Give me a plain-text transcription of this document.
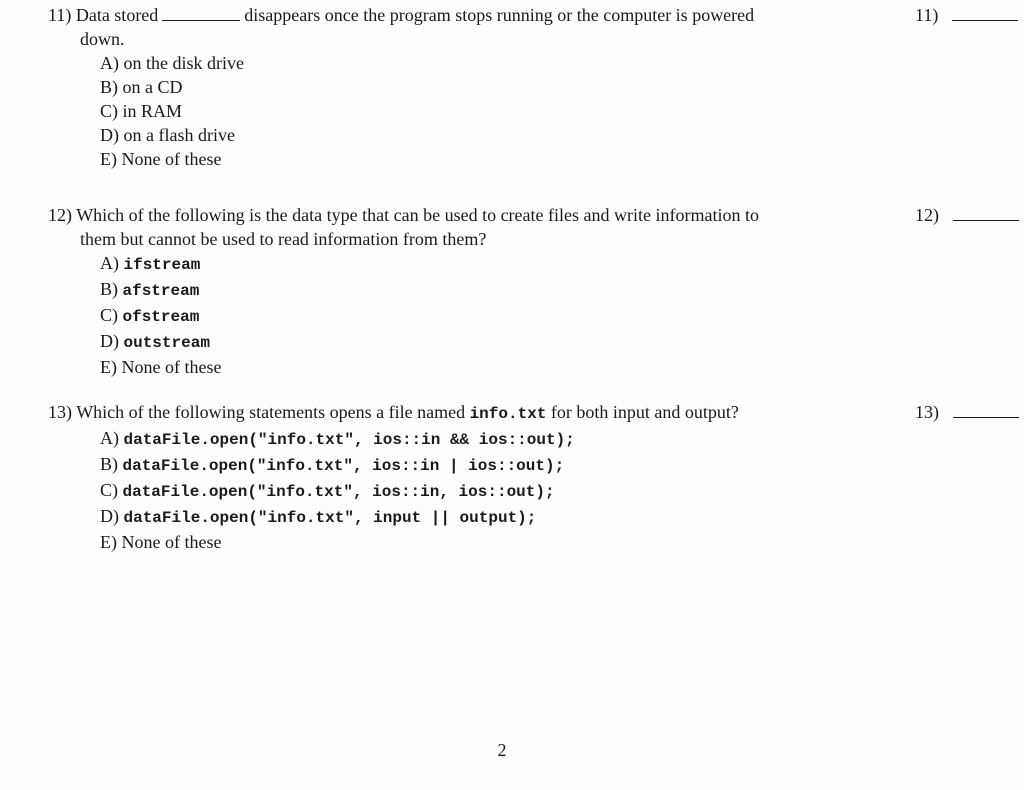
11) Data stored	disappears once the program stops running or the computer is powered
down.
11)
A) on the disk drive
B) on a CD
C) in RAM
D) on a flash drive
E) None of these
12) Which of the following is the data type that can be used to create files and write information to
them but cannot be used to read information from them?
12)
A) ifstream
B) afstream
C) ofstream
D) outstream
E) None of these
13) Which of the following statements opens a file named info.txt for both input and output?	13)
A) dataFile.open("info.txt", ios::in && ios::out);
B) dataFile.open("info.txt", ios::in | ios::out);
C) dataFile.open("info.txt", ios::in, ios::out);
D) dataFile.open("info.txt", input || output);
E) None of these
2
